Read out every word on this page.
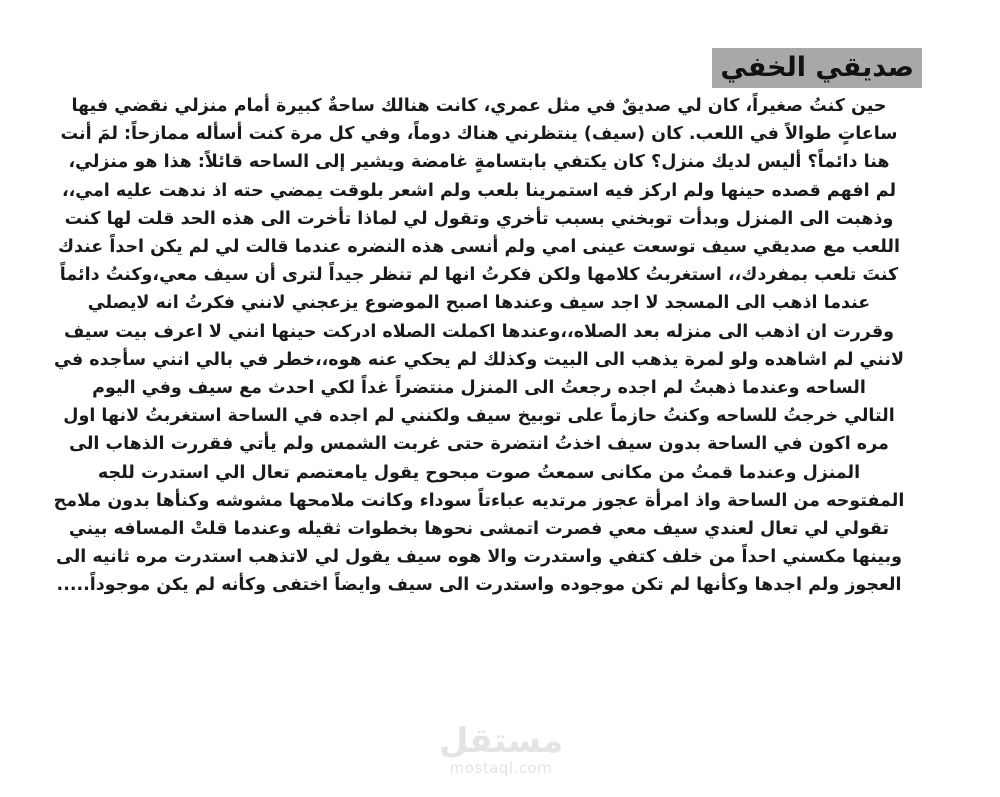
صديقي الخفي
حين كنتُ صغيراً، كان لي صديقٌ في مثل عمري، كانت هنالك ساحةٌ كبيرة أمام منزلي نقضي فيها
ساعاتٍ طوالاً في اللعب. كان (سيف) ينتظرني هناك دوماً، وفي كل مرة كنت أسأله ممازحاً: لمَ أنت
هنا دائماً؟ أليس لديك منزل؟ كان يكتفي بابتسامةٍ غامضة ويشير إلى الساحه قائلاً: هذا هو منزلي،
لم افهم قصده حينها ولم اركز فيه استمرينا بلعب ولم اشعر بلوقت يمضي حته اذ ندهت عليه امي،،
وذهبت الى المنزل وبدأت توبخني بسبب تأخري وتقول لي لماذا تأخرت الى هذه الحد قلت لها كنت
اللعب مع صديقي سيف توسعت عينى امي ولم أنسى هذه النضره عندما قالت لي لم يكن احداً عندك
كنتَ تلعب بمفردك،، استغربتُ كلامها ولكن فكرتُ انها لم تنظر جيداً لترى أن سيف معي،وكنتُ دائماً
عندما اذهب الى المسجد لا اجد سيف وعندها اصبح الموضوع يزعجني لانني فكرتُ انه لايصلي
وقررت ان اذهب الى منزله بعد الصلاه،،وعندها اكملت الصلاه ادركت حينها انني لا اعرف بيت سيف
لانني لم اشاهده ولو لمرة يذهب الى البيت وكذلك لم يحكي عنه هوه،،خطر في بالي انني سأجده في
الساحه وعندما ذهبتُ لم اجده رجعتُ الى المنزل منتضراً غداً لكي احدث مع سيف وفي اليوم
التالي خرجتُ للساحه وكنتُ حازماً على توبيخ سيف ولكنني لم اجده في الساحة استغربتُ لانها اول
مره اكون في الساحة بدون سيف اخذتُ انتضرة حتى غربت الشمس ولم يأتي فقررت الذهاب الى
المنزل وعندما قمتُ من مكانى سمعتُ صوت مبحوح يقول يامعتصم تعال الي استدرت للجه
المفتوحه من الساحة واذ امرأة عجوز مرتديه عباءتاً سوداء وكانت ملامحها مشوشه وكنأها بدون ملامح
تقولي لي تعال لعندي سيف معي فصرت اتمشى نحوها بخطوات ثقيله وعندما قلتْ المسافه بيني
وبينها مكسني احداً من خلف كتفي واستدرت والا هوه سيف يقول لي لاتذهب استدرت مره ثانيه الى
العجوز ولم اجدها وكأنها لم تكن موجوده واستدرت الى سيف وايضاً اختفى وكأنه لم يكن موجوداً.....
مستقل
mostaql.com
